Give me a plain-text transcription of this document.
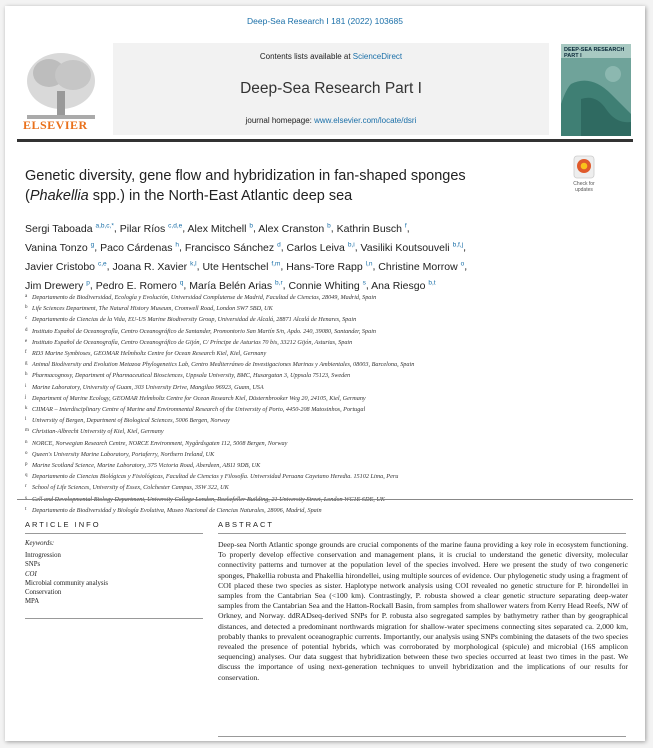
Deep-Sea Research I 181 (2022) 103685
ELSEVIER
Contents lists available at ScienceDirect
Deep-Sea Research Part I
journal homepage: www.elsevier.com/locate/dsri
DEEP-SEA RESEARCH PART I
Check for updates
Genetic diversity, gene flow and hybridization in fan-shaped sponges
(Phakellia spp.) in the North-East Atlantic deep sea
Sergi Taboada $^{a,b,c,*}$, Pilar Ríos $^{c,d,e}$, Alex Mitchell $^b$, Alex Cranston $^b$, Kathrin Busch $^f$,
Vanina Tonzo $^g$, Paco Cárdenas $^h$, Francisco Sánchez $^d$, Carlos Leiva $^{b,i}$, Vasiliki Koutsouveli $^{b,f,j}$,
Javier Cristobo $^{c,e}$, Joana R. Xavier $^{k,l}$, Ute Hentschel $^{f,m}$, Hans-Tore Rapp $^{l,n}$, Christine Morrow $^o$,
Jim Drewery $^p$, Pedro E. Romero $^q$, María Belén Arias $^{b,r}$, Connie Whiting $^s$, Ana Riesgo $^{b,t}$
a Departamento de Biodiversidad, Ecología y Evolución, Universidad Complutense de Madrid, Facultad de Ciencias, 28049, Madrid, Spain
b Life Sciences Department, The Natural History Museum, Cromwell Road, London SW7 5BD, UK
c Departamento de Ciencias de la Vida, EU-US Marine Biodiversity Group, Universidad de Alcalá, 28871 Alcalá de Henares, Spain
d Instituto Español de Oceanografía, Centro Oceanográfico de Santander, Promontorio San Martín S/n, Apdo. 240, 39080, Santander, Spain
e Instituto Español de Oceanografía, Centro Oceanográfico de Gijón, C/ Príncipe de Asturias 70 bis, 33212 Gijón, Asturias, Spain
f RD3 Marine Symbioses, GEOMAR Helmholtz Centre for Ocean Research Kiel, Kiel, Germany
g Animal Biodiversity and Evolution Metazoa Phylogenetics Lab, Centro Mediterráneo de Investigaciones Marinas y Ambientales, 08003, Barcelona, Spain
h Pharmacognosy, Department of Pharmaceutical Biosciences, Uppsala University, BMC, Husargatan 3, Uppsala 75123, Sweden
i Marine Laboratory, University of Guam, 303 University Drive, Mangilao 96923, Guam, USA
j Department of Marine Ecology, GEOMAR Helmholtz Centre for Ocean Research Kiel, Düsternbrooker Weg 20, 24105, Kiel, Germany
k CIIMAR – Interdisciplinary Centre of Marine and Environmental Research of the University of Porto, 4450-208 Matosinhos, Portugal
l University of Bergen, Department of Biological Sciences, 5006 Bergen, Norway
m Christian-Albrecht University of Kiel, Kiel, Germany
n NORCE, Norwegian Research Centre, NORCE Environment, Nygårdsgaten 112, 5008 Bergen, Norway
o Queen's University Marine Laboratory, Portaferry, Northern Ireland, UK
p Marine Scotland Science, Marine Laboratory, 375 Victoria Road, Aberdeen, AB11 9DB, UK
q Departamento de Ciencias Biológicas y Fisiológicas, Facultad de Ciencias y Filosofía. Universidad Peruana Cayetano Heredia. 15102 Lima, Peru
r School of Life Sciences, University of Essex, Colchester Campus, 3SW 322, UK
t Departamento de Biodiversidad y Biología Evolutiva, Museo Nacional de Ciencias Naturales, 28006, Madrid, Spain
ARTICLE INFO
Keywords:
Introgression
SNPs
COI
Microbial community analysis
Conservation
MPA
ABSTRACT
Deep-sea North Atlantic sponge grounds are crucial components of the marine fauna providing a key role in ecosystem functioning. To properly develop effective conservation and management plans, it is crucial to understand the genetic diversity, molecular connectivity patterns and turnover at the population level of the species involved. Here we present the study of two congeneric sponges, Phakellia robusta and Phakellia hirondellei, using multiple sources of evidence. Our phylogenetic study using a fragment of COI placed these two species as sister. Haplotype network analysis using COI revealed no genetic structure for P. hirondellei in samples from the Cantabrian Sea (<100 km). Contrastingly, P. robusta showed a clear genetic structure separating deep-water samples from the Cantabrian Sea and the Hatton-Rockall Basin, from samples from shallower waters from Kerry Head Reefs, NW of Orkney, and Norway. ddRADseq-derived SNPs for P. robusta also segregated samples by bathymetry rather than by geographical distances, and detected a predominant northwards migration for shallow-water specimens connecting sites separated ca. 2,000 km, probably thanks to prevalent oceanographic currents. Importantly, our analysis using SNPs combining the datasets of the two species revealed the presence of potential hybrids, which was corroborated by morphological (spicule) and microbial (16S amplicon sequencing) analyses. Our data suggest that hybridization between these two species occurred at least two times in the past. We discuss the importance of using next-generation techniques to unveil hybridization and the implications of our results for conservation.
